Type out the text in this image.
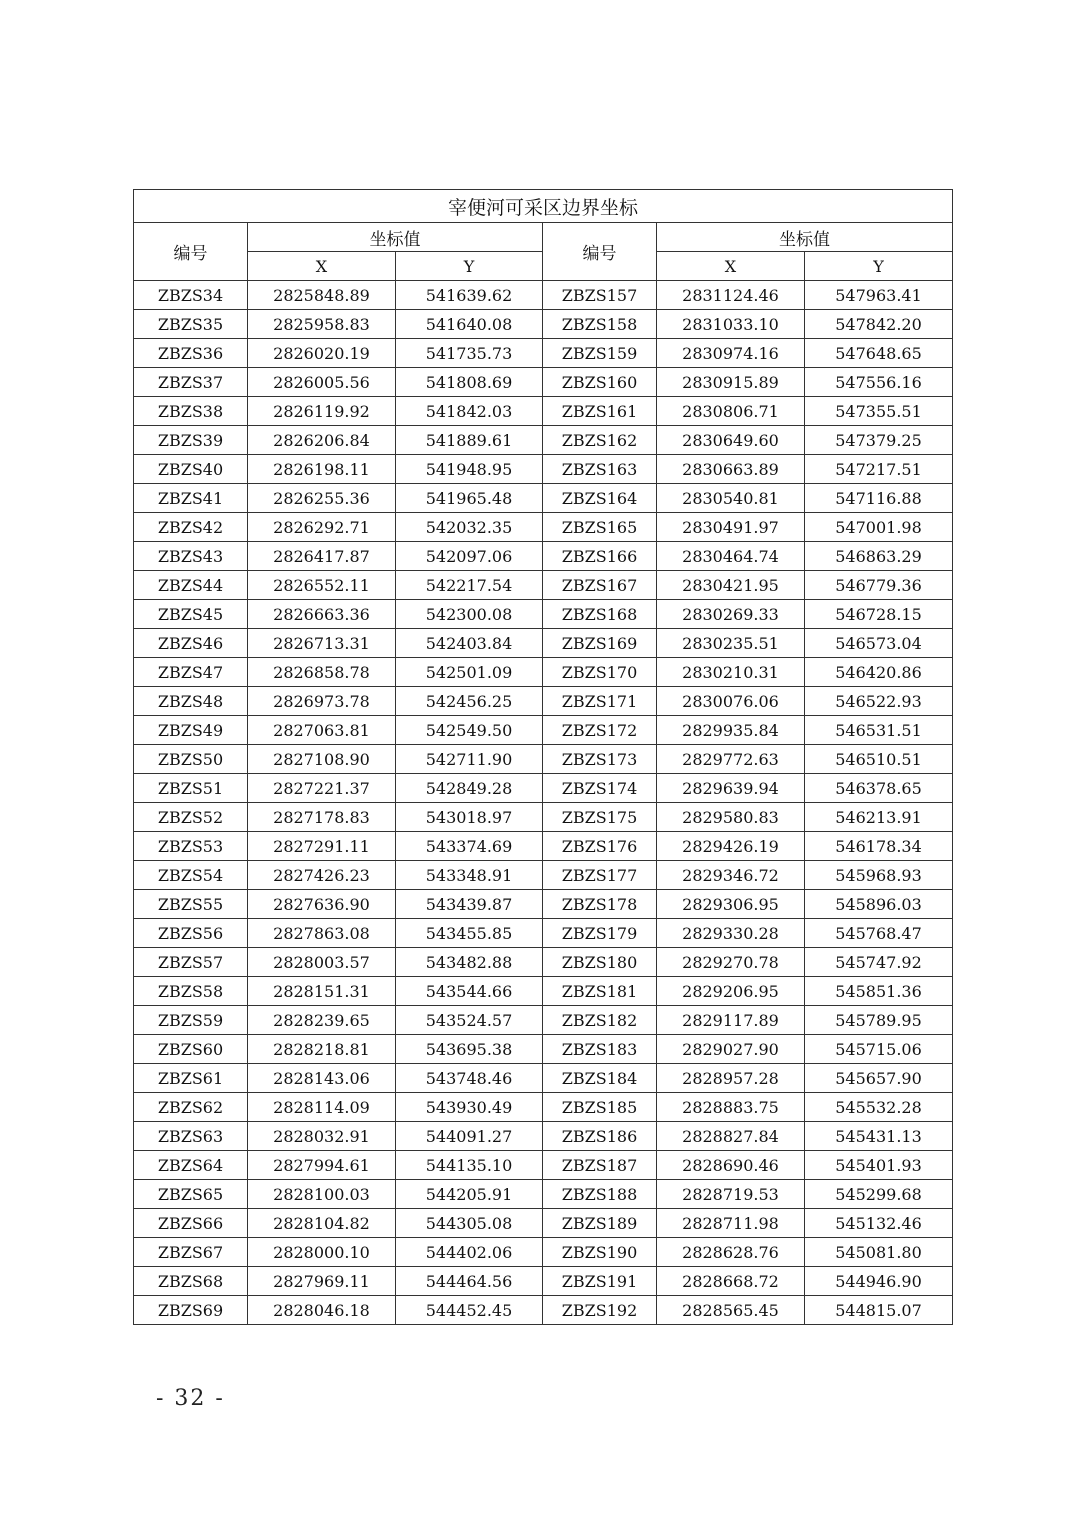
宰便河可采区边界坐标					
编号	坐标值		编号	坐标值	
	X	Y		X	Y
ZBZS34	2825848.89	541639.62	ZBZS157	2831124.46	547963.41
ZBZS35	2825958.83	541640.08	ZBZS158	2831033.10	547842.20
ZBZS36	2826020.19	541735.73	ZBZS159	2830974.16	547648.65
ZBZS37	2826005.56	541808.69	ZBZS160	2830915.89	547556.16
ZBZS38	2826119.92	541842.03	ZBZS161	2830806.71	547355.51
ZBZS39	2826206.84	541889.61	ZBZS162	2830649.60	547379.25
ZBZS40	2826198.11	541948.95	ZBZS163	2830663.89	547217.51
ZBZS41	2826255.36	541965.48	ZBZS164	2830540.81	547116.88
ZBZS42	2826292.71	542032.35	ZBZS165	2830491.97	547001.98
ZBZS43	2826417.87	542097.06	ZBZS166	2830464.74	546863.29
ZBZS44	2826552.11	542217.54	ZBZS167	2830421.95	546779.36
ZBZS45	2826663.36	542300.08	ZBZS168	2830269.33	546728.15
ZBZS46	2826713.31	542403.84	ZBZS169	2830235.51	546573.04
ZBZS47	2826858.78	542501.09	ZBZS170	2830210.31	546420.86
ZBZS48	2826973.78	542456.25	ZBZS171	2830076.06	546522.93
ZBZS49	2827063.81	542549.50	ZBZS172	2829935.84	546531.51
ZBZS50	2827108.90	542711.90	ZBZS173	2829772.63	546510.51
ZBZS51	2827221.37	542849.28	ZBZS174	2829639.94	546378.65
ZBZS52	2827178.83	543018.97	ZBZS175	2829580.83	546213.91
ZBZS53	2827291.11	543374.69	ZBZS176	2829426.19	546178.34
ZBZS54	2827426.23	543348.91	ZBZS177	2829346.72	545968.93
ZBZS55	2827636.90	543439.87	ZBZS178	2829306.95	545896.03
ZBZS56	2827863.08	543455.85	ZBZS179	2829330.28	545768.47
ZBZS57	2828003.57	543482.88	ZBZS180	2829270.78	545747.92
ZBZS58	2828151.31	543544.66	ZBZS181	2829206.95	545851.36
ZBZS59	2828239.65	543524.57	ZBZS182	2829117.89	545789.95
ZBZS60	2828218.81	543695.38	ZBZS183	2829027.90	545715.06
ZBZS61	2828143.06	543748.46	ZBZS184	2828957.28	545657.90
ZBZS62	2828114.09	543930.49	ZBZS185	2828883.75	545532.28
ZBZS63	2828032.91	544091.27	ZBZS186	2828827.84	545431.13
ZBZS64	2827994.61	544135.10	ZBZS187	2828690.46	545401.93
ZBZS65	2828100.03	544205.91	ZBZS188	2828719.53	545299.68
ZBZS66	2828104.82	544305.08	ZBZS189	2828711.98	545132.46
ZBZS67	2828000.10	544402.06	ZBZS190	2828628.76	545081.80
ZBZS68	2827969.11	544464.56	ZBZS191	2828668.72	544946.90
ZBZS69	2828046.18	544452.45	ZBZS192	2828565.45	544815.07
- 32 -
